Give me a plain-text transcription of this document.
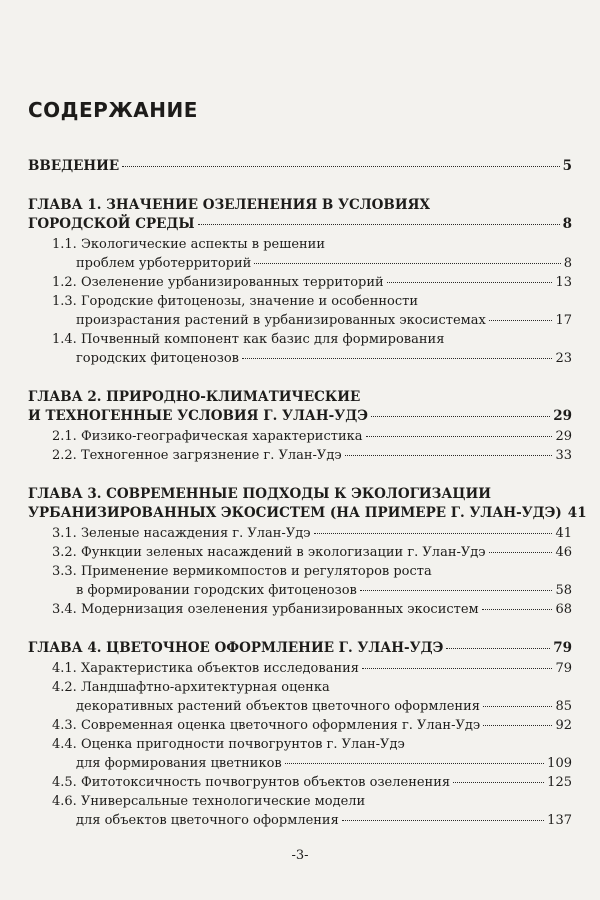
СОДЕРЖАНИЕ
ВВЕДЕНИЕ	5
ГЛАВА 1. ЗНАЧЕНИЕ ОЗЕЛЕНЕНИЯ В УСЛОВИЯХ
ГОРОДСКОЙ СРЕДЫ	8
1.1. Экологические аспекты в решении
проблем урботерриторий	8
1.2. Озеленение урбанизированных территорий	13
1.3. Городские фитоценозы, значение и особенности
произрастания растений в урбанизированных экосистемах	17
1.4. Почвенный компонент как базис для формирования
городских фитоценозов	23
ГЛАВА 2. ПРИРОДНО-КЛИМАТИЧЕСКИЕ
И ТЕХНОГЕННЫЕ УСЛОВИЯ Г. УЛАН-УДЭ	29
2.1. Физико-географическая характеристика	29
2.2. Техногенное загрязнение г. Улан-Удэ	33
ГЛАВА 3. СОВРЕМЕННЫЕ ПОДХОДЫ К ЭКОЛОГИЗАЦИИ
УРБАНИЗИРОВАННЫХ ЭКОСИСТЕМ (НА ПРИМЕРЕ Г. УЛАН-УДЭ) 41
3.1. Зеленые насаждения г. Улан-Удэ	41
3.2. Функции зеленых насаждений в экологизации г. Улан-Удэ	46
3.3. Применение вермикомпостов и регуляторов роста
в формировании городских фитоценозов	58
3.4. Модернизация озеленения урбанизированных экосистем	68
ГЛАВА 4. ЦВЕТОЧНОЕ ОФОРМЛЕНИЕ Г. УЛАН-УДЭ	79
4.1. Характеристика объектов исследования	79
4.2. Ландшафтно-архитектурная оценка
декоративных растений объектов цветочного оформления	85
4.3. Современная оценка цветочного оформления г. Улан-Удэ	92
4.4. Оценка пригодности почвогрунтов г. Улан-Удэ
для формирования цветников	109
4.5. Фитотоксичность почвогрунтов объектов озеленения	125
4.6. Универсальные технологические модели
для объектов цветочного оформления	137
-3-
